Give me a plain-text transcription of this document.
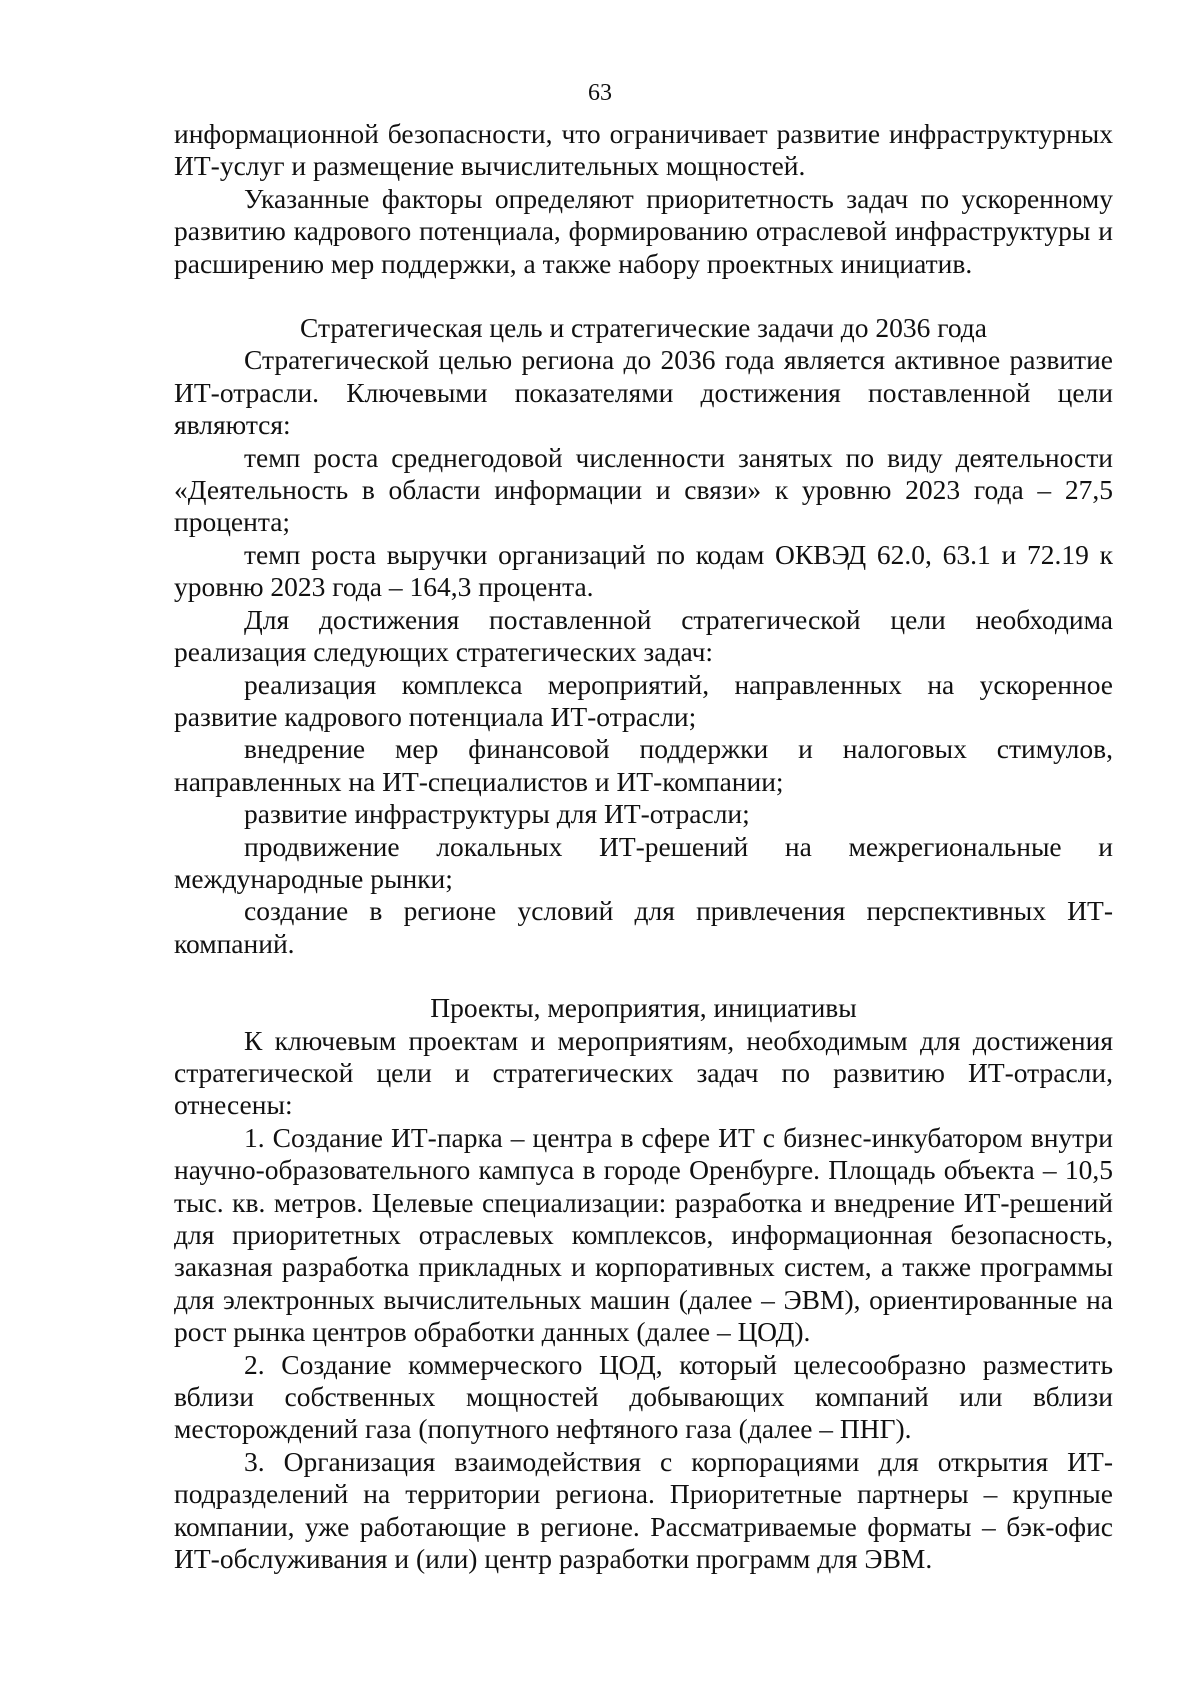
63

информационной безопасности, что ограничивает развитие инфраструктурных ИТ-услуг и размещение вычислительных мощностей.

Указанные факторы определяют приоритетность задач по ускоренному развитию кадрового потенциала, формированию отраслевой инфраструктуры и расширению мер поддержки, а также набору проектных инициатив.

Стратегическая цель и стратегические задачи до 2036 года

Стратегической целью региона до 2036 года является активное развитие ИТ-отрасли. Ключевыми показателями достижения поставленной цели являются:

темп роста среднегодовой численности занятых по виду деятельности «Деятельность в области информации и связи» к уровню 2023 года – 27,5 процента;

темп роста выручки организаций по кодам ОКВЭД 62.0, 63.1 и 72.19 к уровню 2023 года – 164,3 процента.

Для достижения поставленной стратегической цели необходима реализация следующих стратегических задач:

реализация комплекса мероприятий, направленных на ускоренное развитие кадрового потенциала ИТ-отрасли;

внедрение мер финансовой поддержки и налоговых стимулов, направленных на ИТ-специалистов и ИТ-компании;

развитие инфраструктуры для ИТ-отрасли;

продвижение локальных ИТ-решений на межрегиональные и международные рынки;

создание в регионе условий для привлечения перспективных ИТ-компаний.

Проекты, мероприятия, инициативы

К ключевым проектам и мероприятиям, необходимым для достижения стратегической цели и стратегических задач по развитию ИТ-отрасли, отнесены:

1. Создание ИТ-парка – центра в сфере ИТ с бизнес-инкубатором внутри научно-образовательного кампуса в городе Оренбурге. Площадь объекта – 10,5 тыс. кв. метров. Целевые специализации: разработка и внедрение ИТ-решений для приоритетных отраслевых комплексов, информационная безопасность, заказная разработка прикладных и корпоративных систем, а также программы для электронных вычислительных машин (далее – ЭВМ), ориентированные на рост рынка центров обработки данных (далее – ЦОД).

2. Создание коммерческого ЦОД, который целесообразно разместить вблизи собственных мощностей добывающих компаний или вблизи месторождений газа (попутного нефтяного газа (далее – ПНГ).

3. Организация взаимодействия с корпорациями для открытия ИТ-подразделений на территории региона. Приоритетные партнеры – крупные компании, уже работающие в регионе. Рассматриваемые форматы – бэк-офис ИТ-обслуживания и (или) центр разработки программ для ЭВМ.
